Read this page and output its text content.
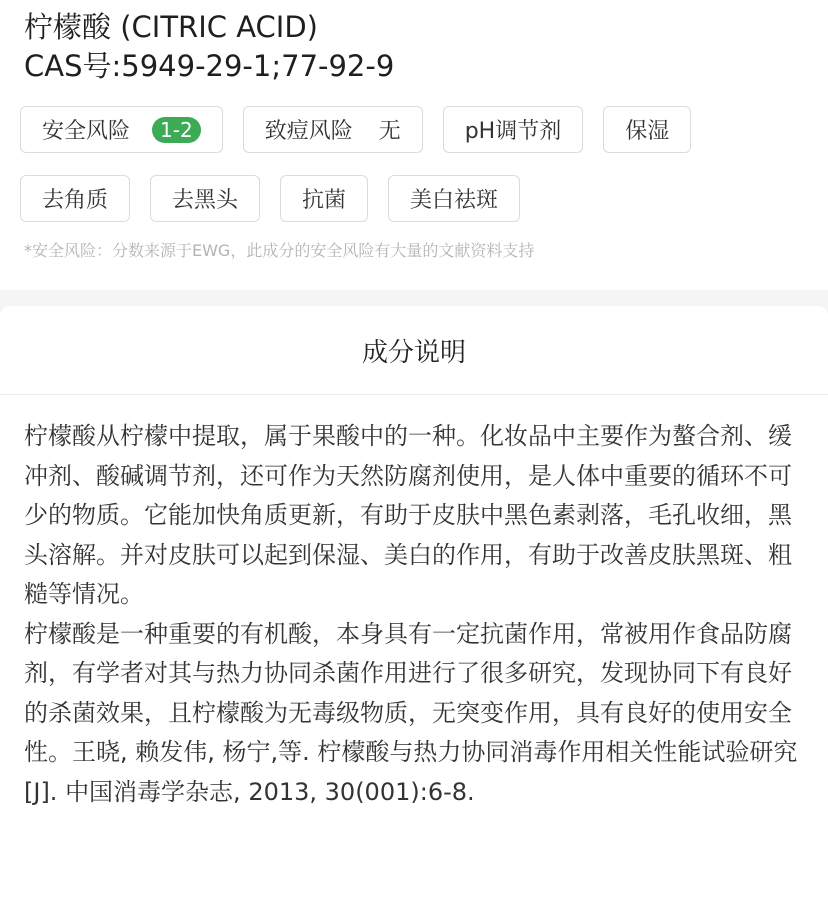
柠檬酸 (CITRIC ACID)
CAS号:5949-29-1;77-92-9
安全风险	1-2	致痘风险 无	pH调节剂	保湿
去角质	去黑头	抗菌	美白祛斑
*安全风险：分数来源于EWG，此成分的安全风险有大量的文献资料支持
成分说明

柠檬酸从柠檬中提取，属于果酸中的一种。化妆品中主要作为螯合剂、缓冲剂、酸碱调节剂，还可作为天然防腐剂使用，是人体中重要的循环不可少的物质。它能加快角质更新，有助于皮肤中黑色素剥落，毛孔收细，黑头溶解。并对皮肤可以起到保湿、美白的作用，有助于改善皮肤黑斑、粗糙等情况。

柠檬酸是一种重要的有机酸，本身具有一定抗菌作用，常被用作食品防腐剂，有学者对其与热力协同杀菌作用进行了很多研究，发现协同下有良好的杀菌效果，且柠檬酸为无毒级物质，无突变作用，具有良好的使用安全性。王晓, 赖发伟, 杨宁,等. 柠檬酸与热力协同消毒作用相关性能试验研究[J]. 中国消毒学杂志, 2013, 30(001):6-8.
